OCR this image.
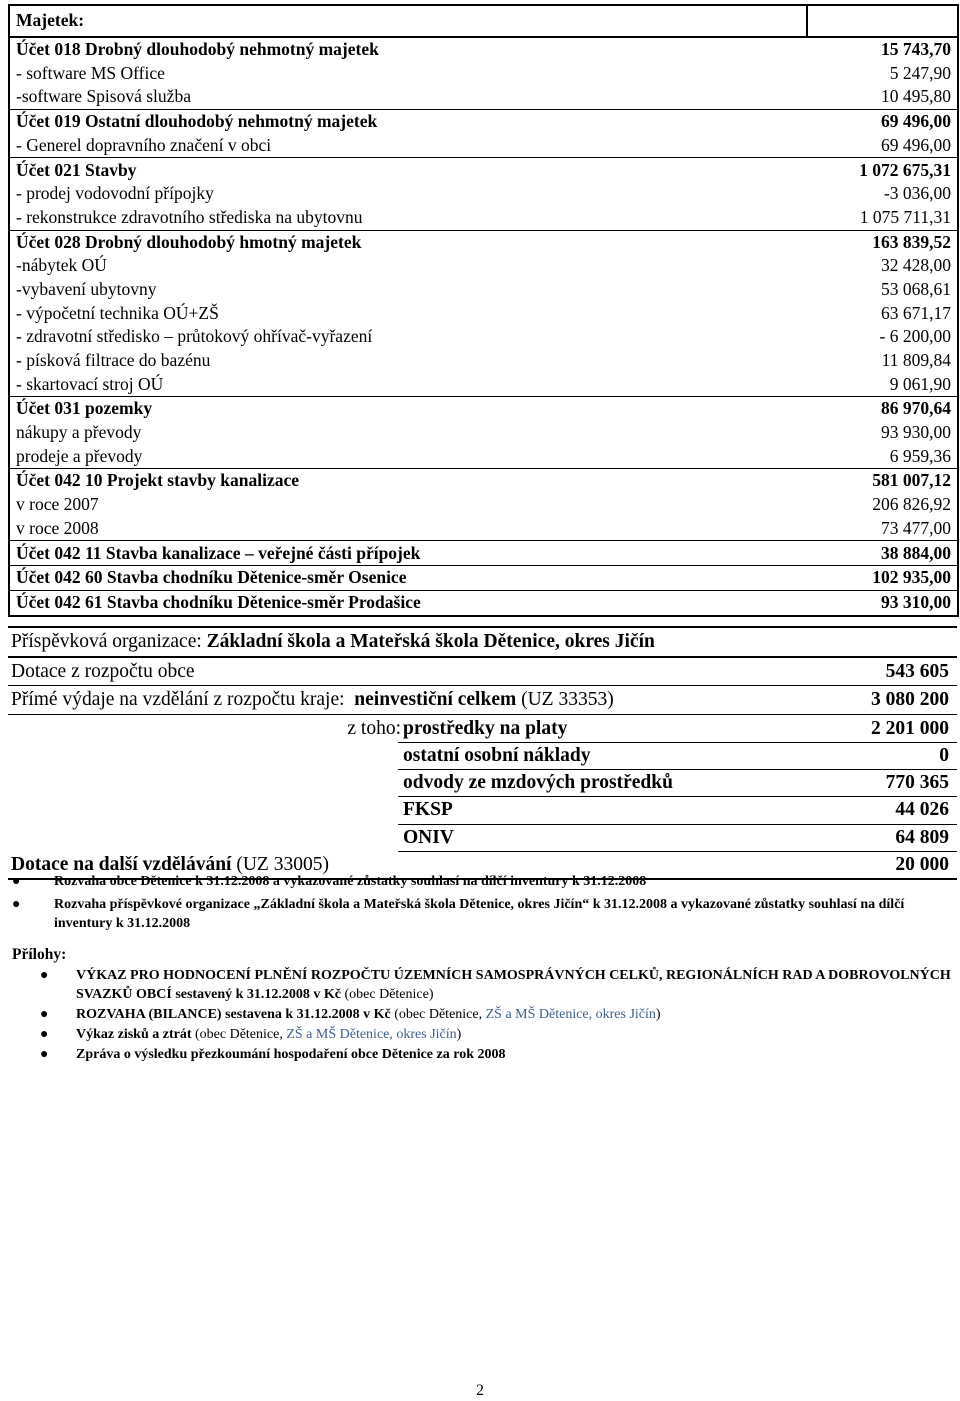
Majetek:	
Účet 018 Drobný dlouhodobý nehmotný majetek	15 743,70
- software MS Office	5 247,90
-software Spisová služba	10 495,80
Účet 019 Ostatní dlouhodobý nehmotný majetek	69 496,00
- Generel dopravního značení v obci	69 496,00
Účet 021 Stavby	1 072 675,31
- prodej vodovodní přípojky	-3 036,00
- rekonstrukce zdravotního střediska na ubytovnu	1 075 711,31
Účet 028 Drobný dlouhodobý hmotný majetek	163 839,52
-nábytek OÚ	32 428,00
-vybavení ubytovny	53 068,61
- výpočetní technika OÚ+ZŠ	63 671,17
- zdravotní středisko – průtokový ohřívač-vyřazení	- 6 200,00
- písková filtrace do bazénu	11 809,84
- skartovací stroj OÚ	9 061,90
Účet 031 pozemky	86 970,64
nákupy a převody	93 930,00
prodeje a převody	6 959,36
Účet 042 10 Projekt stavby kanalizace	581 007,12
v roce 2007	206 826,92
v roce 2008	73 477,00
Účet 042 11 Stavba kanalizace – veřejné části přípojek	38 884,00
Účet 042 60 Stavba chodníku Dětenice-směr Osenice	102 935,00
Účet 042 61 Stavba chodníku Dětenice-směr Prodašice	93 310,00
Příspěvková organizace: Základní škola a Mateřská škola Dětenice, okres Jičín
Dotace z rozpočtu obce	543 605
Přímé výdaje na vzdělání z rozpočtu kraje: neinvestiční celkem (UZ 33353)	3 080 200
z toho: prostředky na platy	2 201 000
ostatní osobní náklady	0
odvody ze mzdových prostředků	770 365
FKSP	44 026
ONIV	64 809
Dotace na další vzdělávání (UZ 33005)	20 000
● Rozvaha obce Dětenice k 31.12.2008 a vykazované zůstatky souhlasí na dílčí inventury k 31.12.2008
● Rozvaha příspěvkové organizace „Základní škola a Mateřská škola Dětenice, okres Jičín“ k 31.12.2008 a vykazované zůstatky souhlasí na dílčí inventury k 31.12.2008
Přílohy:
● VÝKAZ PRO HODNOCENÍ PLNĚNÍ ROZPOČTU ÚZEMNÍCH SAMOSPRÁVNÝCH CELKŮ, REGIONÁLNÍCH RAD A DOBROVOLNÝCH SVAZKŮ OBCÍ sestavený k 31.12.2008 v Kč (obec Dětenice)
● ROZVAHA (BILANCE) sestavena k 31.12.2008 v Kč (obec Dětenice, ZŠ a MŠ Dětenice, okres Jičín)
● Výkaz zisků a ztrát (obec Dětenice, ZŠ a MŠ Dětenice, okres Jičín)
● Zpráva o výsledku přezkoumání hospodaření obce Dětenice za rok 2008
2
